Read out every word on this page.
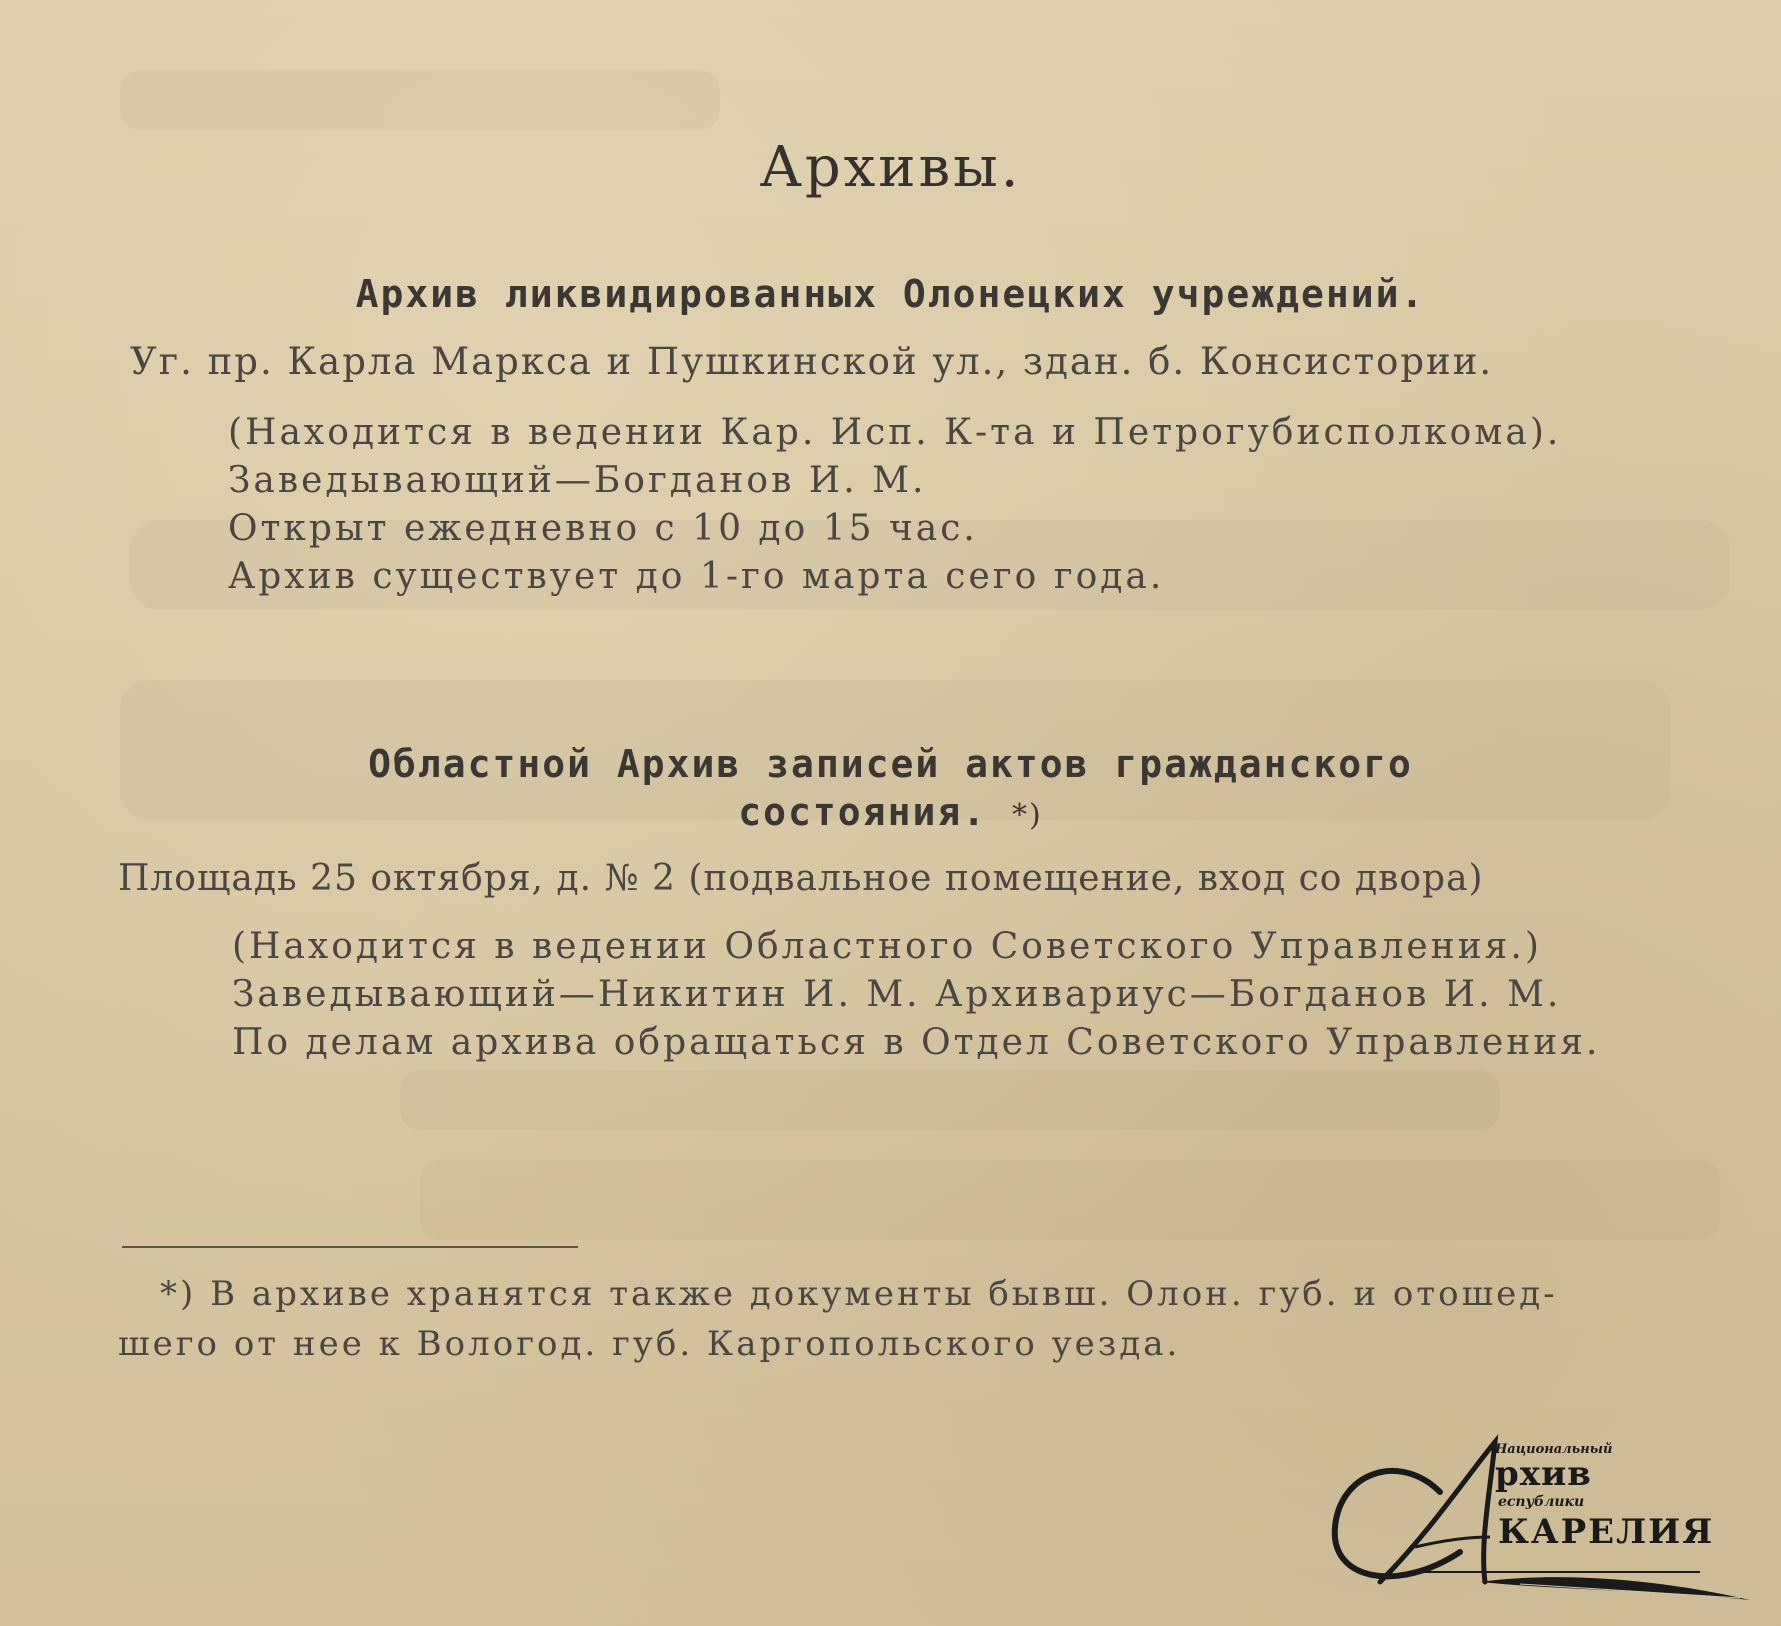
Архивы.
Архив ликвидированных Олонецких учреждений.
Уг. пр. Карла Маркса и Пушкинской ул., здан. б. Консистории.
(Находится в ведении Кар. Исп. К-та и Петрогубисполкома).
Заведывающий—Богданов И. М.
Открыт ежедневно с 10 до 15 час.
Архив существует до 1-го марта сего года.
Областной Архив записей актов гражданского
состояния. *)
Площадь 25 октября, д. № 2 (подвальное помещение, вход со двора)
(Находится в ведении Областного Советского Управления.)
Заведывающий—Никитин И. М. Архивариус—Богданов И. М.
По делам архива обращаться в Отдел Советского Управления.
*) В архиве хранятся также документы бывш. Олон. губ. и отошед-
шего от нее к Вологод. губ. Каргопольского уезда.
Национальный
рхив
еспублики
КАРЕЛИЯ
